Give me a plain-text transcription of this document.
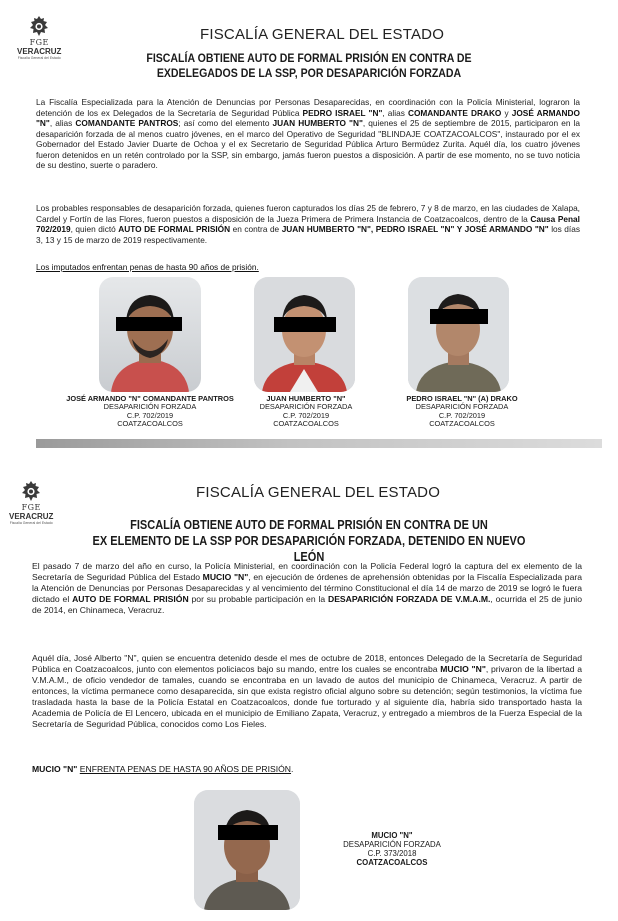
FGE
VERACRUZ
Fiscalía General del Estado
FISCALÍA GENERAL DEL ESTADO
FISCALÍA OBTIENE AUTO DE FORMAL PRISIÓN EN CONTRA DE
EXDELEGADOS DE LA SSP, POR DESAPARICIÓN FORZADA

La Fiscalía Especializada para la Atención de Denuncias por Personas Desaparecidas, en coordinación con la Policía Ministerial, lograron la detención de los ex Delegados de la Secretaría de Seguridad Pública PEDRO ISRAEL "N", alias COMANDANTE DRAKO y JOSÉ ARMANDO "N", alias COMANDANTE PANTROS; así como del elemento JUAN HUMBERTO "N", quienes el 25 de septiembre de 2015, participaron en la desaparición forzada de al menos cuatro jóvenes, en el marco del Operativo de Seguridad "BLINDAJE COATZACOALCOS", instaurado por el ex Gobernador del Estado Javier Duarte de Ochoa y el ex Secretario de Seguridad Pública Arturo Bermúdez Zurita. Aquél día, los cuatro jóvenes fueron detenidos en un retén controlado por la SSP, sin embargo, jamás fueron puestos a disposición. A partir de ese momento, no se tuvo noticia de su destino, suerte o paradero.

Los probables responsables de desaparición forzada, quienes fueron capturados los días 25 de febrero, 7 y 8 de marzo, en las ciudades de Xalapa, Cardel y Fortín de las Flores, fueron puestos a disposición de la Jueza Primera de Primera Instancia de Coatzacoalcos, dentro de la Causa Penal 702/2019, quien dictó AUTO DE FORMAL PRISIÓN en contra de JUAN HUMBERTO "N", PEDRO ISRAEL "N" Y JOSÉ ARMANDO "N" los días 3, 13 y 15 de marzo de 2019 respectivamente.

Los imputados enfrentan penas de hasta 90 años de prisión.
JOSÉ ARMANDO "N" COMANDANTE PANTROS
DESAPARICIÓN FORZADA
C.P. 702/2019
COATZACOALCOS
JUAN HUMBERTO "N"
DESAPARICIÓN FORZADA
C.P. 702/2019
COATZACOALCOS
PEDRO ISRAEL "N" (A) DRAKO
DESAPARICIÓN FORZADA
C.P. 702/2019
COATZACOALCOS
FGE
VERACRUZ
Fiscalía General del Estado
FISCALÍA GENERAL DEL ESTADO
FISCALÍA OBTIENE AUTO DE FORMAL PRISIÓN EN CONTRA DE UN
EX ELEMENTO DE LA SSP POR DESAPARICIÓN FORZADA, DETENIDO EN NUEVO LEÓN

El pasado 7 de marzo del año en curso, la Policía Ministerial, en coordinación con la Policía Federal logró la captura del ex elemento de la Secretaría de Seguridad Pública del Estado MUCIO "N", en ejecución de órdenes de aprehensión obtenidas por la Fiscalía Especializada para la Atención de Denuncias por Personas Desaparecidas y al vencimiento del término Constitucional el día 14 de marzo de 2019 se logró le fuera dictado el AUTO DE FORMAL PRISIÓN por su probable participación en la DESAPARICIÓN FORZADA DE V.M.A.M., ocurrida el 25 de junio de 2014, en Chinameca, Veracruz.

Aquél día, José Alberto "N", quien se encuentra detenido desde el mes de octubre de 2018, entonces Delegado de la Secretaría de Seguridad Pública en Coatzacoalcos, junto con elementos policiacos bajo su mando, entre los cuales se encontraba MUCIO "N", privaron de la libertad a V.M.A.M., de oficio vendedor de tamales, cuando se encontraba en un lavado de autos del municipio de Chinameca, Veracruz. A partir de entonces, la víctima permanece como desaparecida, sin que exista registro oficial alguno sobre su detención; según testimonios, la víctima fue trasladada hasta la base de la Policía Estatal en Coatzacoalcos, donde fue torturado y al siguiente día, habría sido transportado hasta la Academia de Policía de El Lencero, ubicada en el municipio de Emiliano Zapata, Veracruz, y entregado a miembros de la Fuerza Especial de la Secretaría de Seguridad Pública, conocidos como Los Fieles.

MUCIO "N" ENFRENTA PENAS DE HASTA 90 AÑOS DE PRISIÓN.
MUCIO "N"
DESAPARICIÓN FORZADA
C.P. 373/2018
COATZACOALCOS
